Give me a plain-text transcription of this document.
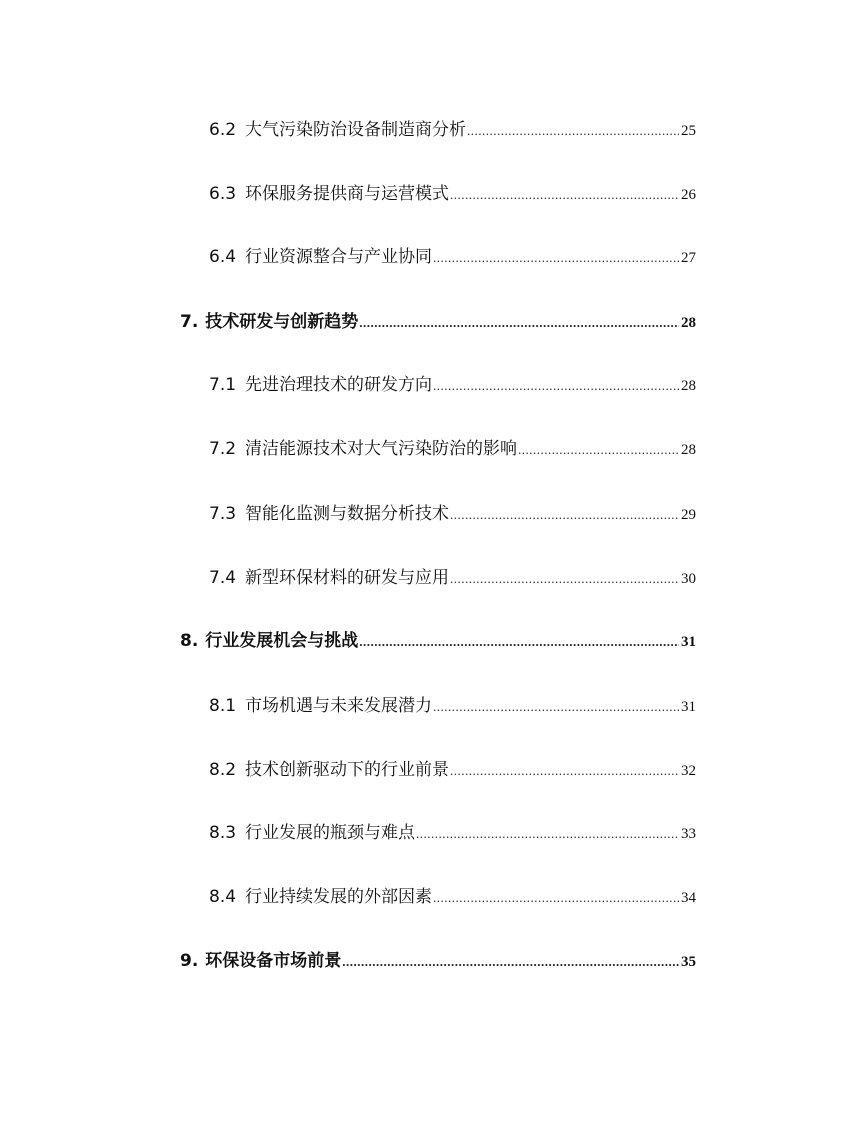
6.2 大气污染防治设备制造商分析 .....	25
6.3 环保服务提供商与运营模式 .....	26
6.4 行业资源整合与产业协同 .....	27
7. 技术研发与创新趋势 .....	28
7.1 先进治理技术的研发方向 .....	28
7.2 清洁能源技术对大气污染防治的影响 .....	28
7.3 智能化监测与数据分析技术 .....	29
7.4 新型环保材料的研发与应用 .....	30
8. 行业发展机会与挑战 .....	31
8.1 市场机遇与未来发展潜力 .....	31
8.2 技术创新驱动下的行业前景 .....	32
8.3 行业发展的瓶颈与难点 .....	33
8.4 行业持续发展的外部因素 .....	34
9. 环保设备市场前景 .....	35
